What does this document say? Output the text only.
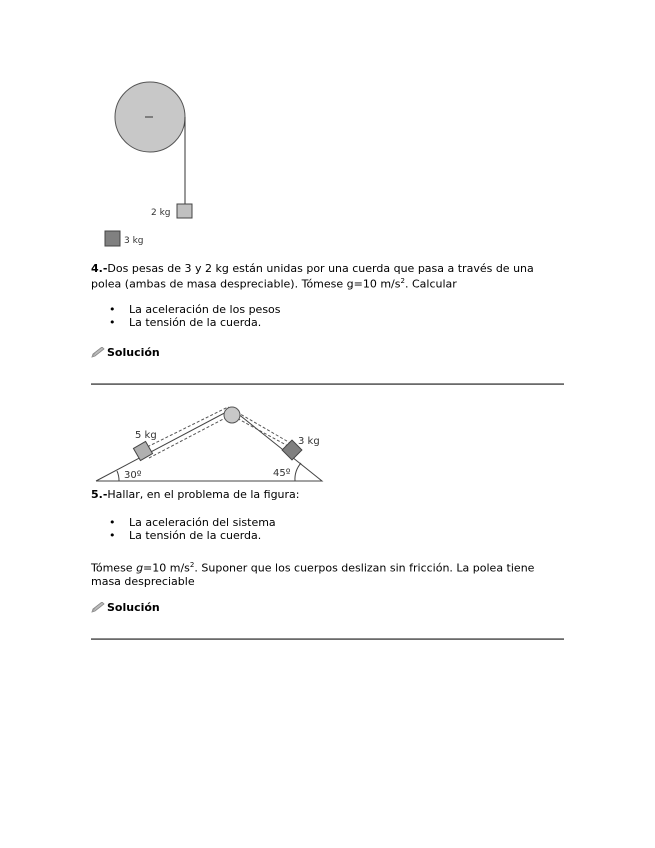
2 kg
3 kg

4.-Dos pesas de 3 y 2 kg están unidas por una cuerda que pasa a través de una polea (ambas de masa despreciable). Tómese g=10 $m/s^2$. Calcular

• La aceleración de los pesos
• La tensión de la cuerda.
Solución
5 kg
3 kg
30º	45º

5.-Hallar, en el problema de la figura:

• La aceleración del sistema
• La tensión de la cuerda.

Tómese g=10 $m/s^2$. Suponer que los cuerpos deslizan sin fricción. La polea tiene masa despreciable

Solución
